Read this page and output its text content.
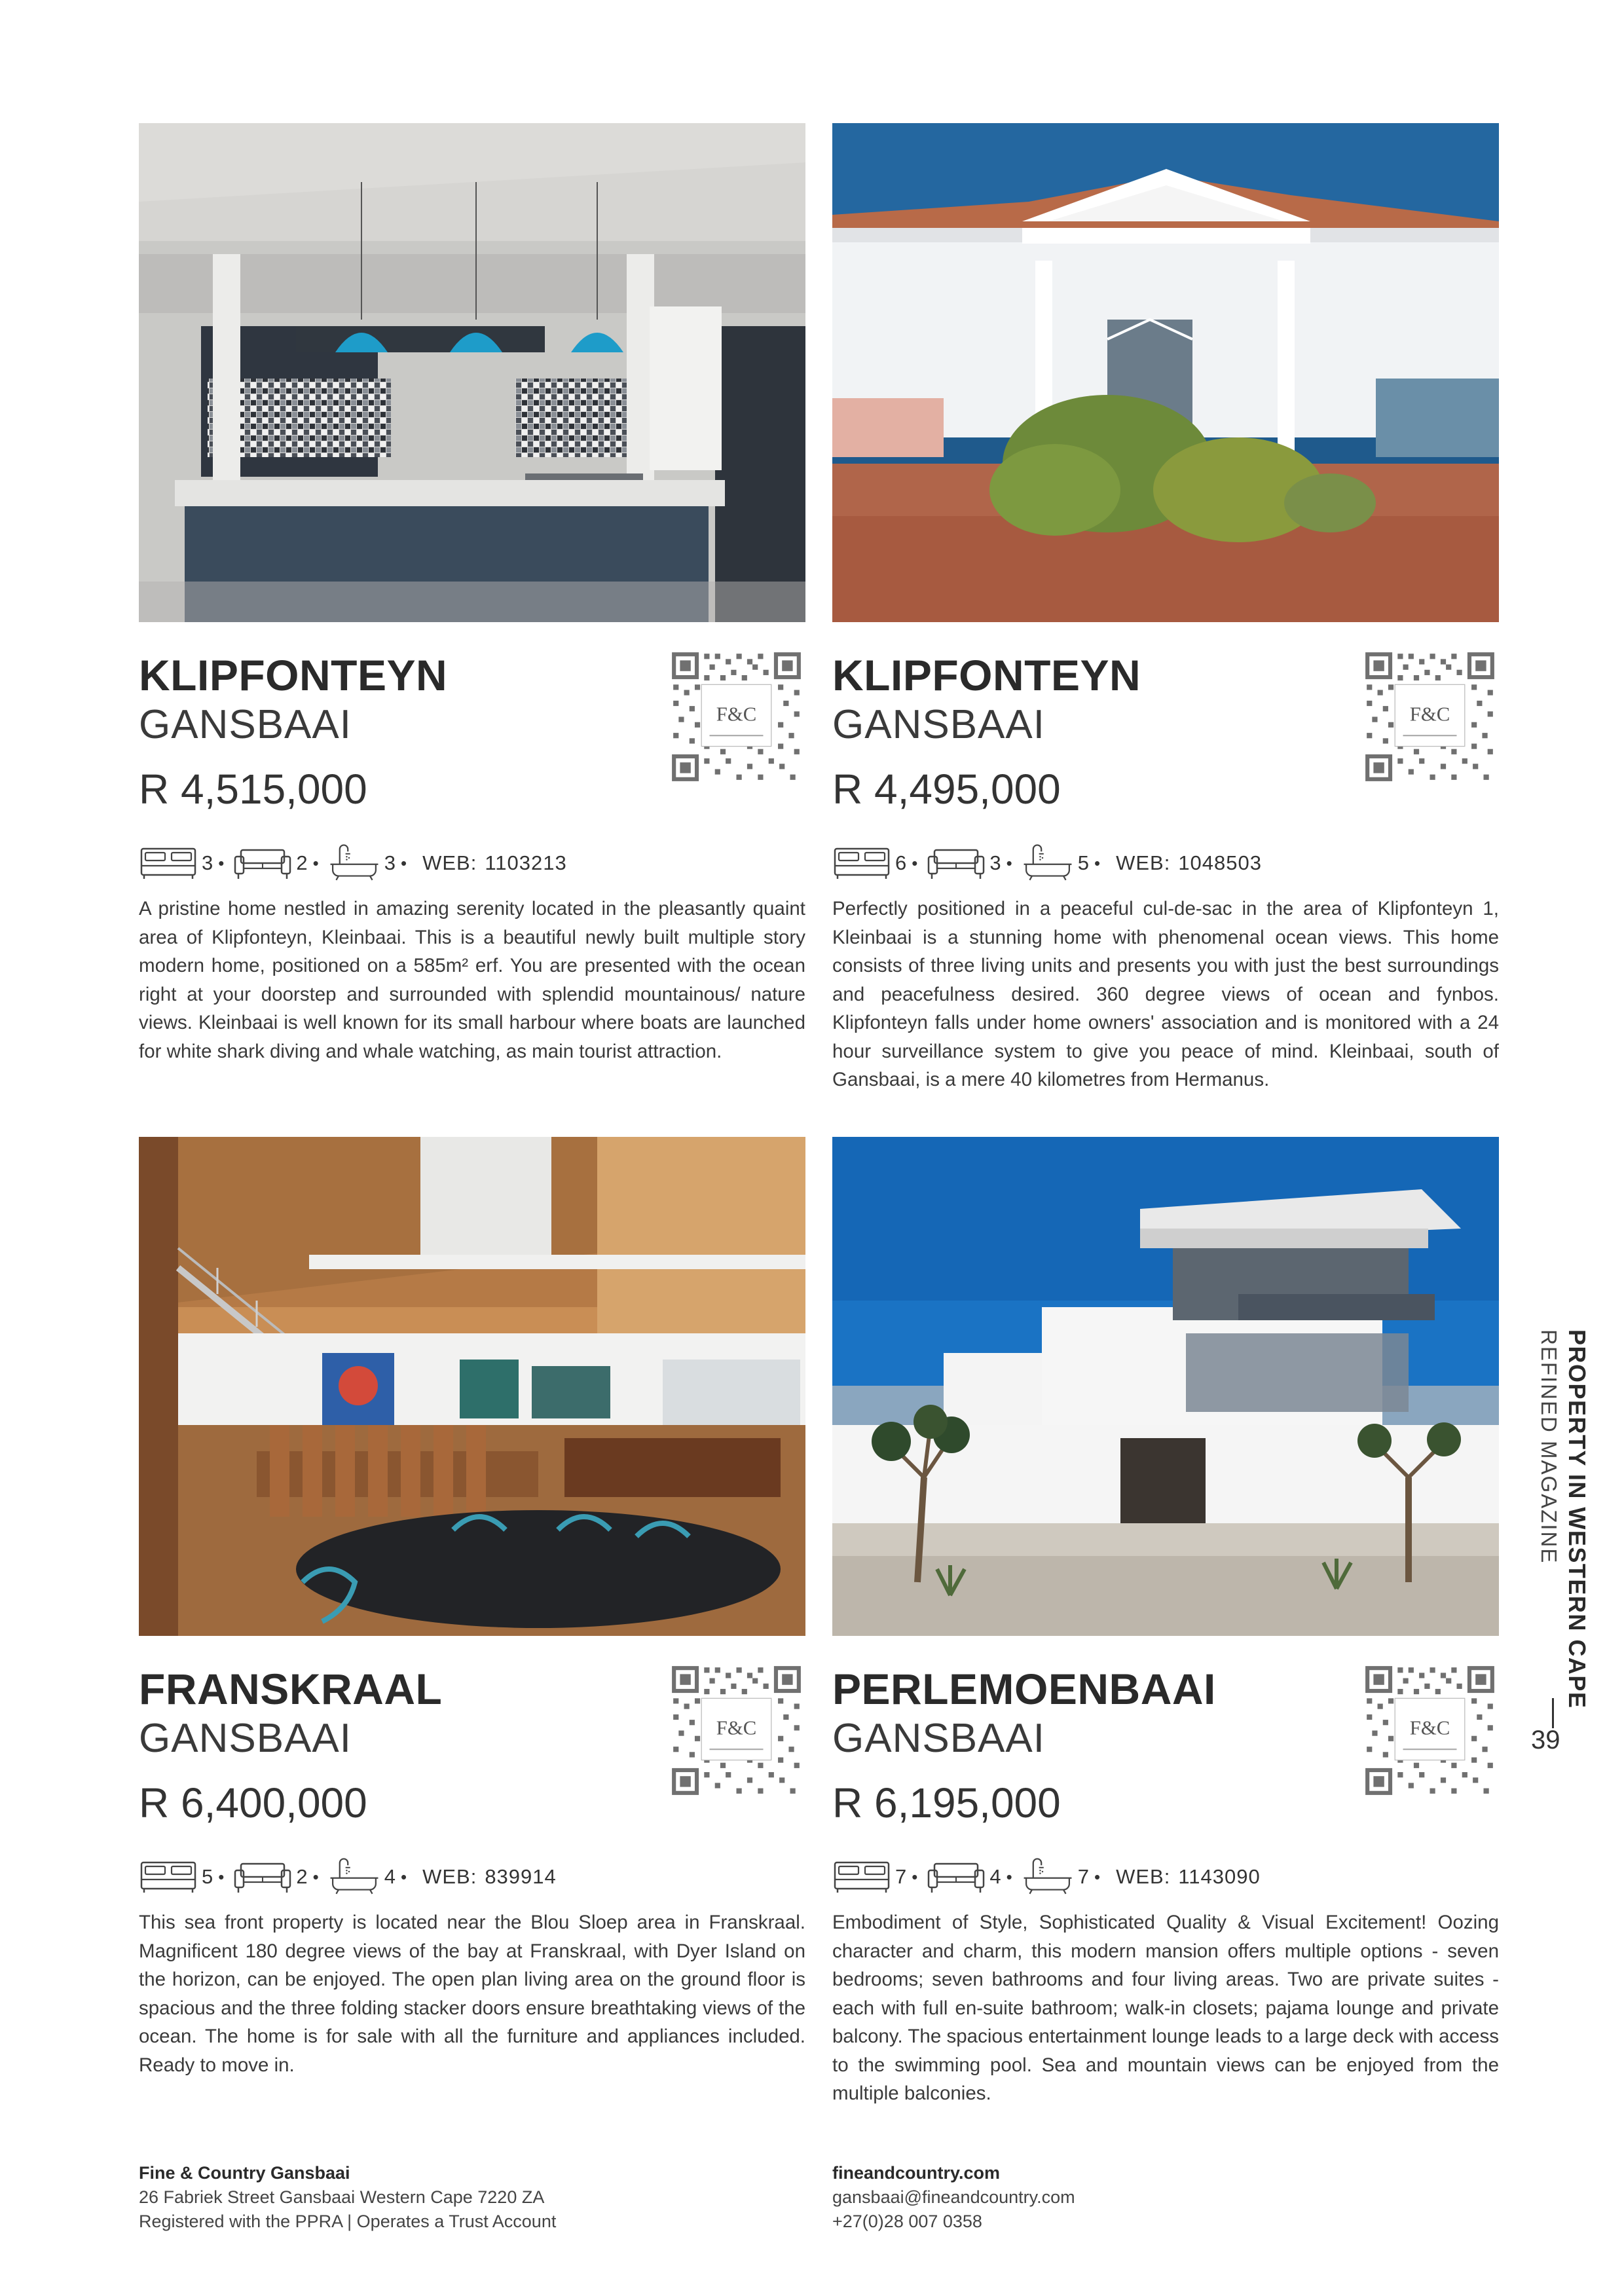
F&C
KLIPFONTEYN
GANSBAAI
R 4,515,000
3 •	2 •	3 • WEB: 1103213

A pristine home nestled in amazing serenity located in the pleasantly quaint area of Klipfonteyn, Kleinbaai. This is a beautiful newly built multiple story modern home, positioned on a 585m² erf. You are presented with the ocean right at your doorstep and surrounded with splendid mountainous/ nature views. Kleinbaai is well known for its small harbour where boats are launched for white shark diving and whale watching, as main tourist attraction.

F&C
KLIPFONTEYN
GANSBAAI
R 4,495,000
6 •	3 •	5 • WEB: 1048503

Perfectly positioned in a peaceful cul-de-sac in the area of Klipfonteyn 1, Kleinbaai is a stunning home with phenomenal ocean views. This home consists of three living units and presents you with just the best surroundings and peacefulness desired. 360 degree views of ocean and fynbos. Klipfonteyn falls under home owners' association and is monitored with a 24 hour surveillance system to give you peace of mind. Kleinbaai, south of Gansbaai, is a mere 40 kilometres from Hermanus.

F&C
FRANSKRAAL
GANSBAAI
R 6,400,000
5 •	2 •	4 • WEB: 839914

This sea front property is located near the Blou Sloep area in Franskraal. Magnificent 180 degree views of the bay at Franskraal, with Dyer Island on the horizon, can be enjoyed. The open plan living area on the ground floor is spacious and the three folding stacker doors ensure breathtaking views of the ocean. The home is for sale with all the furniture and appliances included. Ready to move in.

F&C
PERLEMOENBAAI
GANSBAAI
R 6,195,000
7 •	4 •	7 • WEB: 1143090

Embodiment of Style, Sophisticated Quality & Visual Excitement! Oozing character and charm, this modern mansion offers multiple options - seven bedrooms; seven bathrooms and four living areas. Two are private suites - each with full en-suite bathroom; walk-in closets; pajama lounge and private balcony. The spacious entertainment lounge leads to a large deck with access to the swimming pool. Sea and mountain views can be enjoyed from the multiple balconies.

PROPERTY IN WESTERN CAPE
REFINED MAGAZINE
39
Fine & Country Gansbaai
26 Fabriek Street Gansbaai Western Cape 7220 ZA
Registered with the PPRA | Operates a Trust Account
fineandcountry.com
gansbaai@fineandcountry.com
+27(0)28 007 0358
